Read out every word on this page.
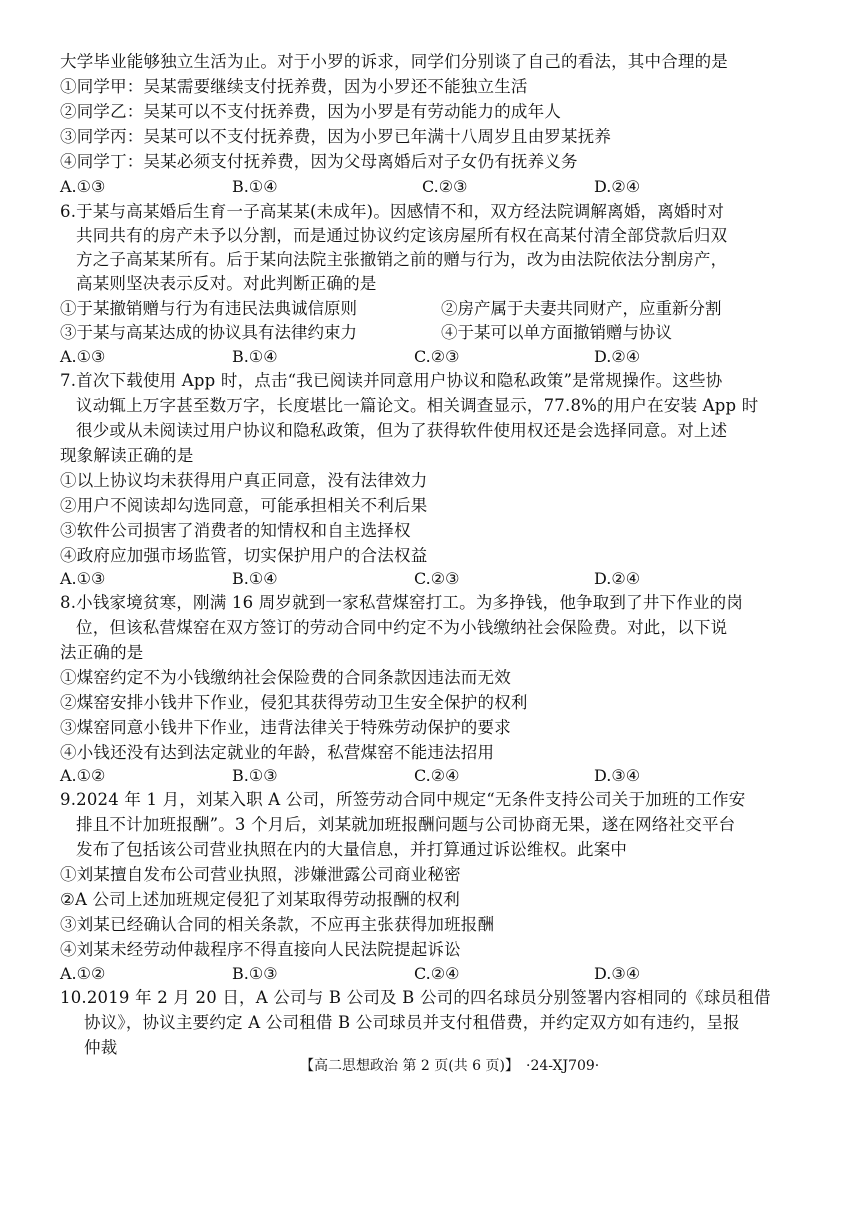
大学毕业能够独立生活为止。对于小罗的诉求，同学们分别谈了自己的看法，其中合理的是
①同学甲：吴某需要继续支付抚养费，因为小罗还不能独立生活
②同学乙：吴某可以不支付抚养费，因为小罗是有劳动能力的成年人
③同学丙：吴某可以不支付抚养费，因为小罗已年满十八周岁且由罗某抚养
④同学丁：吴某必须支付抚养费，因为父母离婚后对子女仍有抚养义务
A.①③	B.①④	C.②③	D.②④
6.于某与高某婚后生育一子高某某(未成年)。因感情不和，双方经法院调解离婚，离婚时对
共同共有的房产未予以分割，而是通过协议约定该房屋所有权在高某付清全部贷款后归双
方之子高某某所有。后于某向法院主张撤销之前的赠与行为，改为由法院依法分割房产，
高某则坚决表示反对。对此判断正确的是
①于某撤销赠与行为有违民法典诚信原则	②房产属于夫妻共同财产，应重新分割
③于某与高某达成的协议具有法律约束力	④于某可以单方面撤销赠与协议
A.①③	B.①④	C.②③	D.②④
7.首次下载使用 App 时，点击“我已阅读并同意用户协议和隐私政策”是常规操作。这些协
议动辄上万字甚至数万字，长度堪比一篇论文。相关调查显示，77.8%的用户在安装 App 时
很少或从未阅读过用户协议和隐私政策，但为了获得软件使用权还是会选择同意。对上述
现象解读正确的是
①以上协议均未获得用户真正同意，没有法律效力
②用户不阅读却勾选同意，可能承担相关不利后果
③软件公司损害了消费者的知情权和自主选择权
④政府应加强市场监管，切实保护用户的合法权益
A.①③	B.①④	C.②③	D.②④
8.小钱家境贫寒，刚满 16 周岁就到一家私营煤窑打工。为多挣钱，他争取到了井下作业的岗
位，但该私营煤窑在双方签订的劳动合同中约定不为小钱缴纳社会保险费。对此，以下说
法正确的是
①煤窑约定不为小钱缴纳社会保险费的合同条款因违法而无效
②煤窑安排小钱井下作业，侵犯其获得劳动卫生安全保护的权利
③煤窑同意小钱井下作业，违背法律关于特殊劳动保护的要求
④小钱还没有达到法定就业的年龄，私营煤窑不能违法招用
A.①②	B.①③	C.②④	D.③④
9.2024 年 1 月，刘某入职 A 公司，所签劳动合同中规定“无条件支持公司关于加班的工作安
排且不计加班报酬”。3 个月后，刘某就加班报酬问题与公司协商无果，遂在网络社交平台
发布了包括该公司营业执照在内的大量信息，并打算通过诉讼维权。此案中
①刘某擅自发布公司营业执照，涉嫌泄露公司商业秘密
②A 公司上述加班规定侵犯了刘某取得劳动报酬的权利
③刘某已经确认合同的相关条款，不应再主张获得加班报酬
④刘某未经劳动仲裁程序不得直接向人民法院提起诉讼
A.①②	B.①③	C.②④	D.③④
10.2019 年 2 月 20 日，A 公司与 B 公司及 B 公司的四名球员分别签署内容相同的《球员租借
协议》，协议主要约定 A 公司租借 B 公司球员并支付租借费，并约定双方如有违约，呈报
仲裁
【高二思想政治 第 2 页(共 6 页)】 ·24-XJ709·
